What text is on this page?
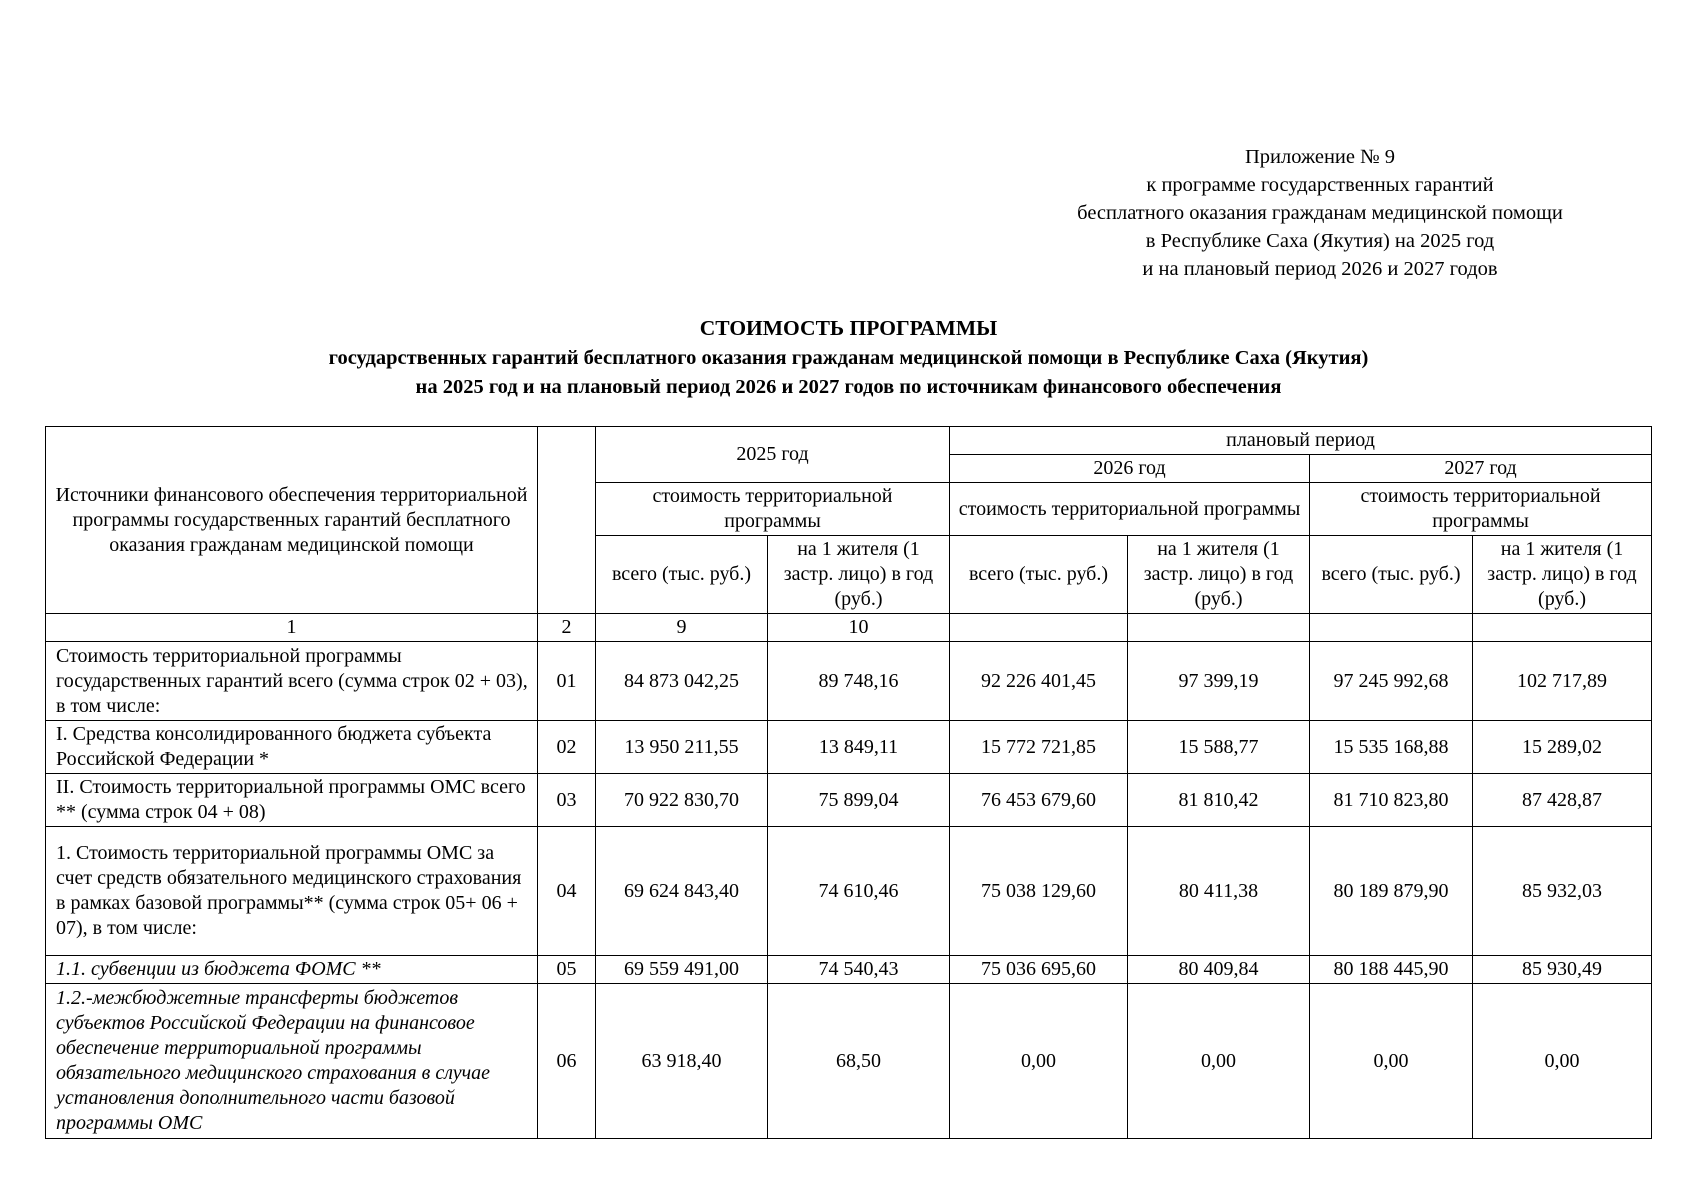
Приложение № 9
к программе государственных гарантий
бесплатного оказания гражданам медицинской помощи
в Республике Саха (Якутия) на 2025 год
и на плановый период 2026 и 2027 годов
СТОИМОСТЬ ПРОГРАММЫ
государственных гарантий бесплатного оказания гражданам медицинской помощи в Республике Саха (Якутия)
на 2025 год и на плановый период 2026 и 2027 годов по источникам финансового обеспечения
Источники финансового обеспечения территориальной программы государственных гарантий бесплатного оказания гражданам медицинской помощи		2025 год		плановый период			
				2026 год		2027 год	
		стоимость территориальной программы		стоимость территориальной программы		стоимость территориальной программы	
		всего (тыс. руб.)	на 1 жителя (1 застр. лицо) в год (руб.)	всего (тыс. руб.)	на 1 жителя (1 застр. лицо) в год (руб.)	всего (тыс. руб.)	на 1 жителя (1 застр. лицо) в год (руб.)
1	2	9	10				
Стоимость территориальной программы государственных гарантий всего (сумма строк 02 + 03), в том числе:	01	84 873 042,25	89 748,16	92 226 401,45	97 399,19	97 245 992,68	102 717,89
I. Средства консолидированного бюджета субъекта Российской Федерации *	02	13 950 211,55	13 849,11	15 772 721,85	15 588,77	15 535 168,88	15 289,02
II. Стоимость территориальной программы ОМС всего ** (сумма строк 04 + 08)	03	70 922 830,70	75 899,04	76 453 679,60	81 810,42	81 710 823,80	87 428,87
1. Стоимость территориальной программы ОМС за счет средств обязательного медицинского страхования в рамках базовой программы** (сумма строк 05+ 06 + 07), в том числе:	04	69 624 843,40	74 610,46	75 038 129,60	80 411,38	80 189 879,90	85 932,03
1.1. субвенции из бюджета ФОМС **	05	69 559 491,00	74 540,43	75 036 695,60	80 409,84	80 188 445,90	85 930,49
1.2.-межбюджетные трансферты бюджетов субъектов Российской Федерации на финансовое обеспечение территориальной программы обязательного медицинского страхования в случае установления дополнительного части базовой программы ОМС	06	63 918,40	68,50	0,00	0,00	0,00	0,00
